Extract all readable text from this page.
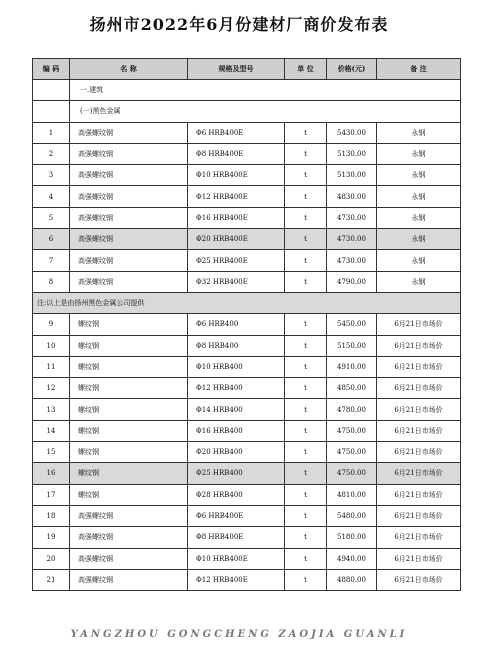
扬州市2022年6月份建材厂商价发布表
编 码	名 称	规格及型号	单 位	价格(元)	备 注
	一.建筑				
	(一)黑色金属				
1	高强螺纹钢	Φ6 HRB400E	t	5430.00	永钢
2	高强螺纹钢	Φ8 HRB400E	t	5130.00	永钢
3	高强螺纹钢	Φ10 HRB400E	t	5130.00	永钢
4	高强螺纹钢	Φ12 HRB400E	t	4830.00	永钢
5	高强螺纹钢	Φ16 HRB400E	t	4730.00	永钢
6	高强螺纹钢	Φ20 HRB400E	t	4730.00	永钢
7	高强螺纹钢	Φ25 HRB400E	t	4730.00	永钢
8	高强螺纹钢	Φ32 HRB400E	t	4790.00	永钢
注:以上是由扬州黑色金属公司提供					
9	螺纹钢	Φ6 HRB400	t	5450.00	6月21日市场价
10	螺纹钢	Φ8 HRB400	t	5150.00	6月21日市场价
11	螺纹钢	Φ10 HRB400	t	4910.00	6月21日市场价
12	螺纹钢	Φ12 HRB400	t	4850.00	6月21日市场价
13	螺纹钢	Φ14 HRB400	t	4780.00	6月21日市场价
14	螺纹钢	Φ16 HRB400	t	4750.00	6月21日市场价
15	螺纹钢	Φ20 HRB400	t	4750.00	6月21日市场价
16	螺纹钢	Φ25 HRB400	t	4750.00	6月21日市场价
17	螺纹钢	Φ28 HRB400	t	4810.00	6月21日市场价
18	高强螺纹钢	Φ6 HRB400E	t	5480.00	6月21日市场价
19	高强螺纹钢	Φ8 HRB400E	t	5180.00	6月21日市场价
20	高强螺纹钢	Φ10 HRB400E	t	4940.00	6月21日市场价
21	高强螺纹钢	Φ12 HRB400E	t	4880.00	6月21日市场价
YANGZHOU GONGCHENG ZAOJIA GUANLI
